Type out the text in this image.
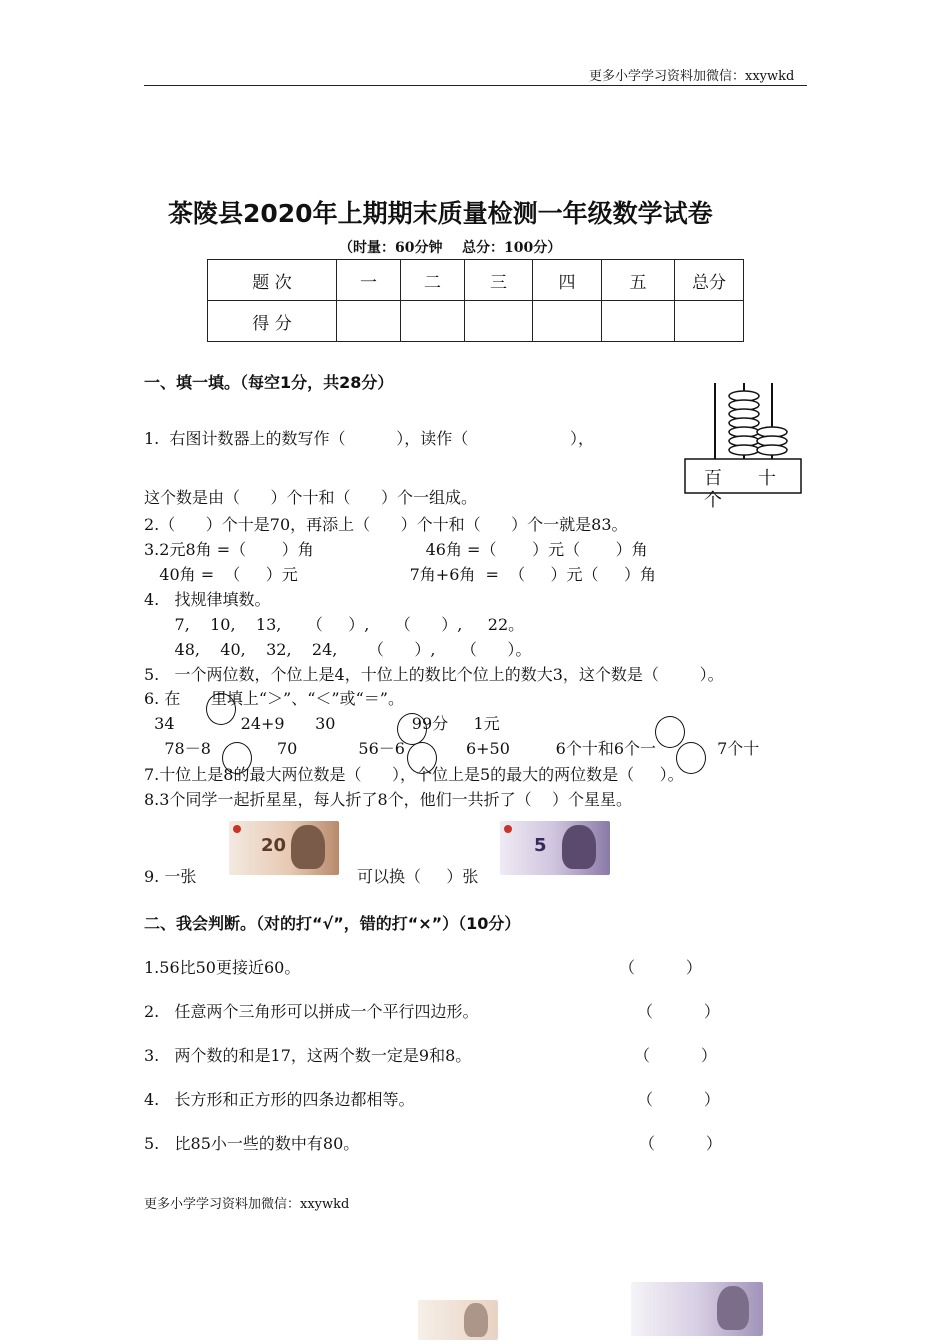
更多小学学习资料加微信：xxywkd
茶陵县2020年上期期末质量检测一年级数学试卷
（时量：60分钟    总分：100分）
题 次	一	二	三	四	五	总分
得 分						
一、填一填。（每空1分，共28分）
百 十
个
1.  右图计数器上的数写作（          ），读作（                    ），
这个数是由（      ）个十和（      ）个一组成。
2.（      ）个十是70，再添上（      ）个十和（      ）个一就是83。
3.2元8角 =（       ）角                      46角 =（       ）元（       ）角
40角 =  （     ）元                      7角+6角  =  （     ）元（     ）角
4.   找规律填数。
7,    10,    13,     （     ）,     （      ）,     22。
48,    40,    32,    24,      （      ）,     （      ）。
5.   一个两位数，个位上是4，十位上的数比个位上的数大3，这个数是（        ）。
6. 在      里填上“＞”、“＜”或“＝”。
34             24+9      30               99分     1元
78－8             70            56－6            6+50         6个十和6个一            7个十
7.十位上是8的最大两位数是（      ），个位上是5的最大的两位数是（     ）。
8.3个同学一起折星星，每人折了8个，他们一共折了（    ）个星星。
9. 一张
20
可以换（     ）张
5
二、我会判断。（对的打“√”，错的打“×”）（10分）
1.56比50更接近60。	（          ）
2.   任意两个三角形可以拼成一个平行四边形。	（          ）
3.   两个数的和是17，这两个数一定是9和8。	（          ）
4.   长方形和正方形的四条边都相等。	（          ）
5.   比85小一些的数中有80。	（          ）
更多小学学习资料加微信：xxywkd
